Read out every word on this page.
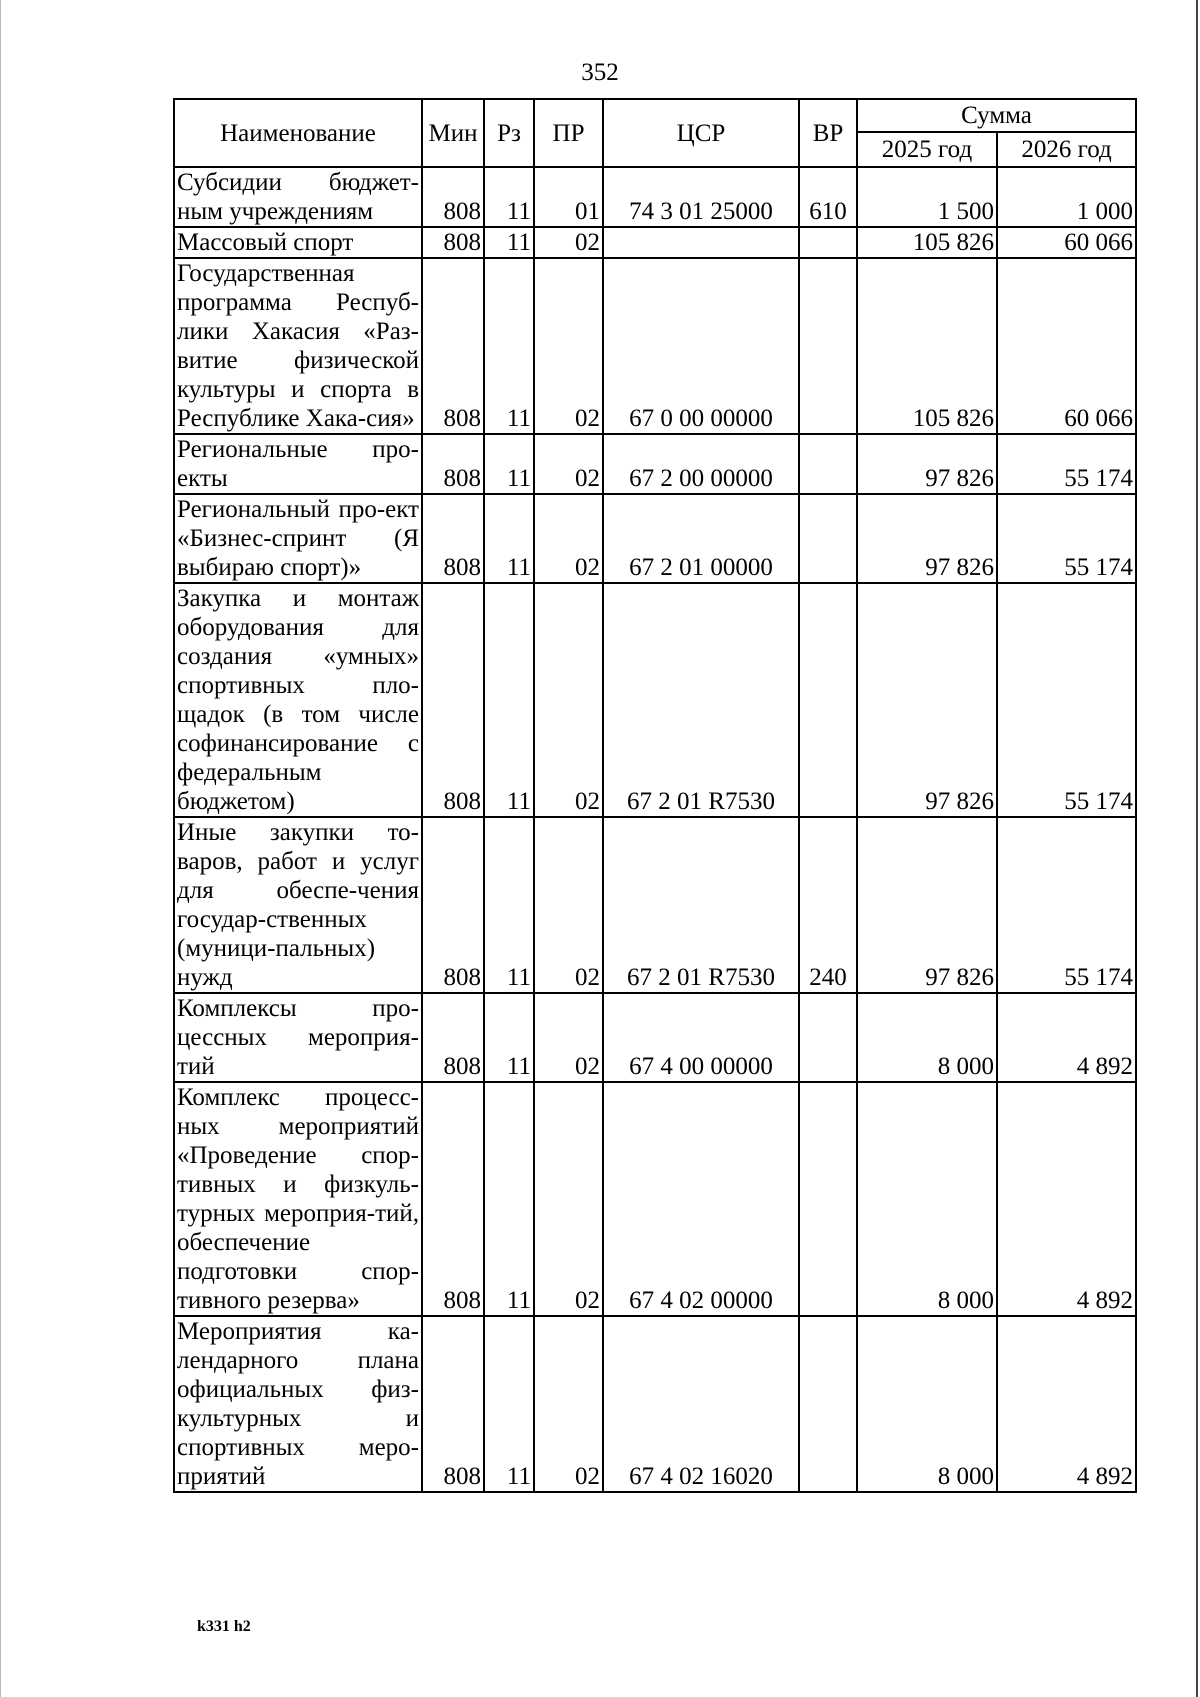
352
Наименование	Мин	Рз	ПР	ЦСР	ВР	Сумма	
						2025 год	2026 год
Субсидии бюджет-ным учреждениям	808	11	01	74 3 01 25000	610	1 500	1 000
Массовый спорт	808	11	02			105 826	60 066
Государственная программа Респуб-лики Хакасия «Раз-витие физической культуры и спорта в Республике Хака-сия»	808	11	02	67 0 00 00000		105 826	60 066
Региональные про-екты	808	11	02	67 2 00 00000		97 826	55 174
Региональный про-ект «Бизнес-спринт (Я выбираю спорт)»	808	11	02	67 2 01 00000		97 826	55 174
Закупка и монтаж оборудования для создания «умных» спортивных пло-щадок (в том числе софинансирование с федеральным бюджетом)	808	11	02	67 2 01 R7530		97 826	55 174
Иные закупки то-варов, работ и услуг для обеспе-чения государ-ственных (муници-пальных) нужд	808	11	02	67 2 01 R7530	240	97 826	55 174
Комплексы про-цессных мероприя-тий	808	11	02	67 4 00 00000		8 000	4 892
Комплекс процесс-ных мероприятий «Проведение спор-тивных и физкуль-турных мероприя-тий, обеспечение подготовки спор-тивного резерва»	808	11	02	67 4 02 00000		8 000	4 892
Мероприятия ка-лендарного плана официальных физ-культурных и спортивных меро-приятий	808	11	02	67 4 02 16020		8 000	4 892
k331 h2
